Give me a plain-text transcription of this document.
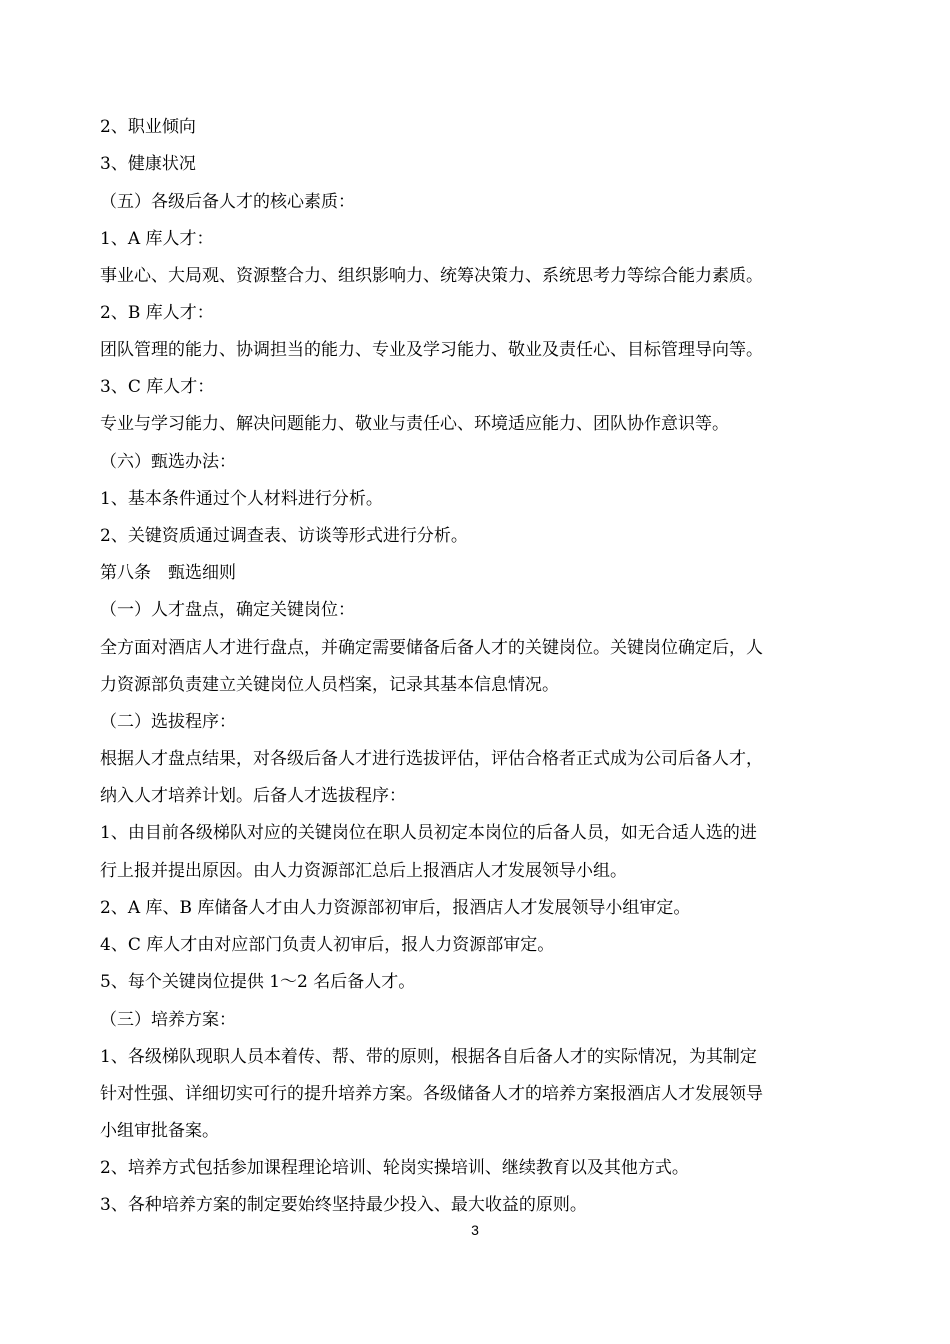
2、职业倾向
3、健康状况
（五）各级后备人才的核心素质：
1、A 库人才：
事业心、大局观、资源整合力、组织影响力、统筹决策力、系统思考力等综合能力素质。
2、B 库人才：
团队管理的能力、协调担当的能力、专业及学习能力、敬业及责任心、目标管理导向等。
3、C 库人才：
专业与学习能力、解决问题能力、敬业与责任心、环境适应能力、团队协作意识等。
（六）甄选办法：
1、基本条件通过个人材料进行分析。
2、关键资质通过调查表、访谈等形式进行分析。
第八条　甄选细则
（一）人才盘点，确定关键岗位：
全方面对酒店人才进行盘点，并确定需要储备后备人才的关键岗位。关键岗位确定后，人
力资源部负责建立关键岗位人员档案，记录其基本信息情况。
（二）选拔程序：
根据人才盘点结果，对各级后备人才进行选拔评估，评估合格者正式成为公司后备人才，
纳入人才培养计划。后备人才选拔程序：
1、由目前各级梯队对应的关键岗位在职人员初定本岗位的后备人员，如无合适人选的进
行上报并提出原因。由人力资源部汇总后上报酒店人才发展领导小组。
2、A 库、B 库储备人才由人力资源部初审后，报酒店人才发展领导小组审定。
4、C 库人才由对应部门负责人初审后，报人力资源部审定。
5、每个关键岗位提供 1～2 名后备人才。
（三）培养方案：
1、各级梯队现职人员本着传、帮、带的原则，根据各自后备人才的实际情况，为其制定
针对性强、详细切实可行的提升培养方案。各级储备人才的培养方案报酒店人才发展领导
小组审批备案。
2、培养方式包括参加课程理论培训、轮岗实操培训、继续教育以及其他方式。
3、各种培养方案的制定要始终坚持最少投入、最大收益的原则。
3
